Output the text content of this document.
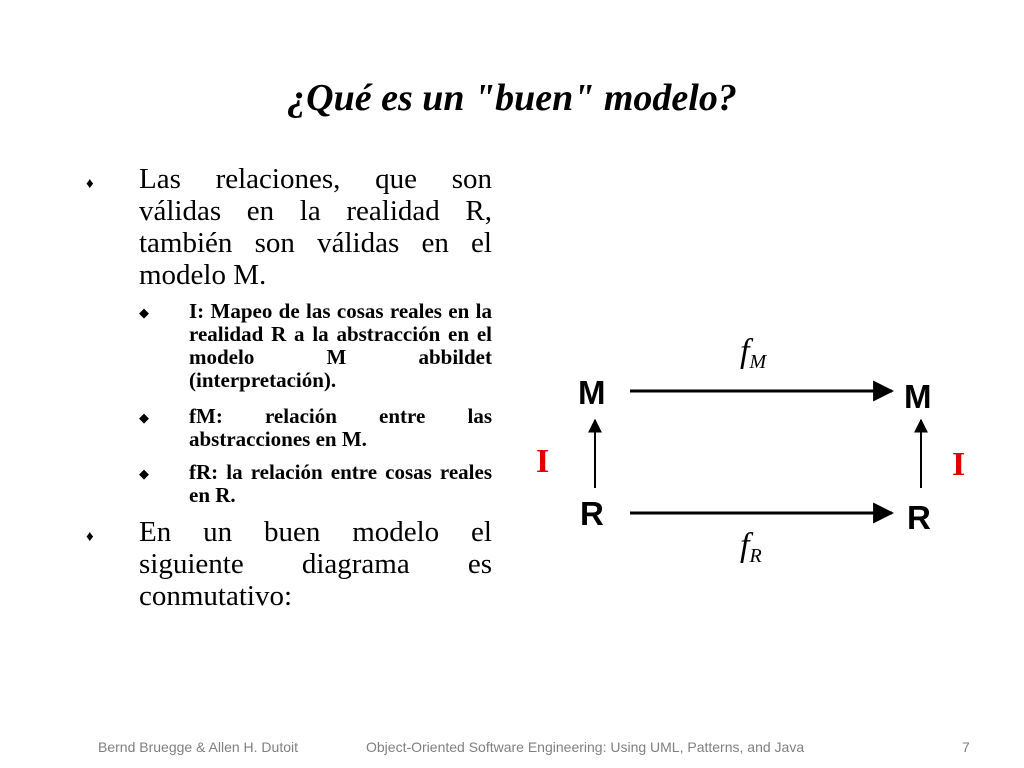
¿Qué es un "buen" modelo?
♦ Las relaciones, que son válidas en la realidad R, también son válidas en el modelo M.
◆ I: Mapeo de las cosas reales en la realidad R a la abstracción en el modelo M abbildet (interpretación).
◆ fM: relación entre las abstracciones en M.
◆ fR: la relación entre cosas reales en R.
♦ En un buen modelo el siguiente diagrama es conmutativo:
M	M
R	R
I	I
$f_M$
$f_R$
Bernd Bruegge & Allen H. Dutoit	Object-Oriented Software Engineering: Using UML, Patterns, and Java	7
